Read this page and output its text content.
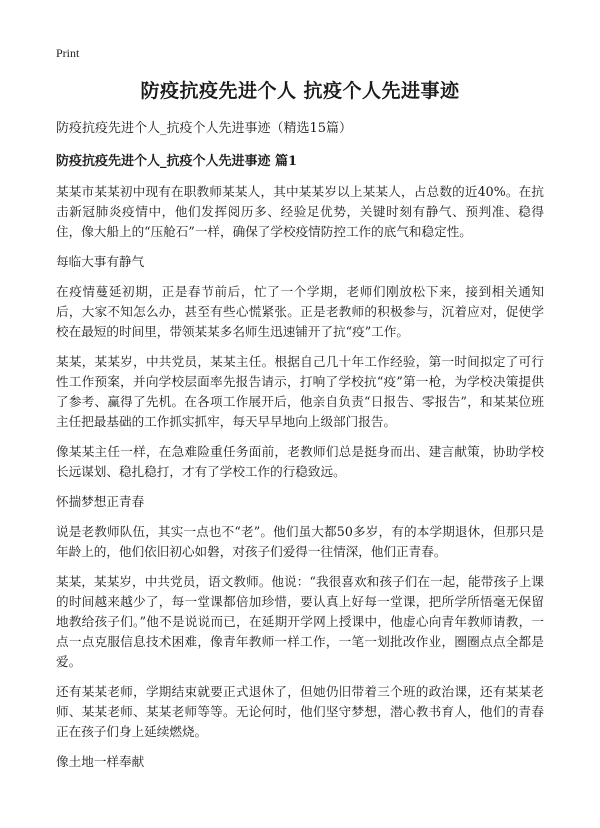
Print
防疫抗疫先进个人 抗疫个人先进事迹
防疫抗疫先进个人_抗疫个人先进事迹（精选15篇）
防疫抗疫先进个人_抗疫个人先进事迹 篇1

某某市某某初中现有在职教师某某人，其中某某岁以上某某人，占总数的近40%。在抗击新冠肺炎疫情中，他们发挥阅历多、经验足优势，关键时刻有静气、预判准、稳得住，像大船上的“压舱石”一样，确保了学校疫情防控工作的底气和稳定性。

每临大事有静气

在疫情蔓延初期，正是春节前后，忙了一个学期，老师们刚放松下来，接到相关通知后，大家不知怎么办，甚至有些心慌紧张。正是老教师的积极参与，沉着应对，促使学校在最短的时间里，带领某某多名师生迅速铺开了抗“疫”工作。

某某，某某岁，中共党员，某某主任。根据自己几十年工作经验，第一时间拟定了可行性工作预案，并向学校层面率先报告请示，打响了学校抗“疫”第一枪，为学校决策提供了参考、赢得了先机。在各项工作展开后，他亲自负责“日报告、零报告”，和某某位班主任把最基础的工作抓实抓牢，每天早早地向上级部门报告。

像某某主任一样，在急难险重任务面前，老教师们总是挺身而出、建言献策，协助学校长远谋划、稳扎稳打，才有了学校工作的行稳致远。

怀揣梦想正青春

说是老教师队伍，其实一点也不“老”。他们虽大都50多岁，有的本学期退休，但那只是年龄上的，他们依旧初心如磐，对孩子们爱得一往情深，他们正青春。

某某，某某岁，中共党员，语文教师。他说：“我很喜欢和孩子们在一起，能带孩子上课的时间越来越少了，每一堂课都倍加珍惜，要认真上好每一堂课，把所学所悟毫无保留地教给孩子们。”他不是说说而已，在延期开学网上授课中，他虚心向青年教师请教，一点一点克服信息技术困难，像青年教师一样工作，一笔一划批改作业，圈圈点点全都是爱。

还有某某老师，学期结束就要正式退休了，但她仍旧带着三个班的政治课，还有某某老师、某某老师、某某老师等等。无论何时，他们坚守梦想，潜心教书育人，他们的青春正在孩子们身上延续燃烧。

像土地一样奉献
